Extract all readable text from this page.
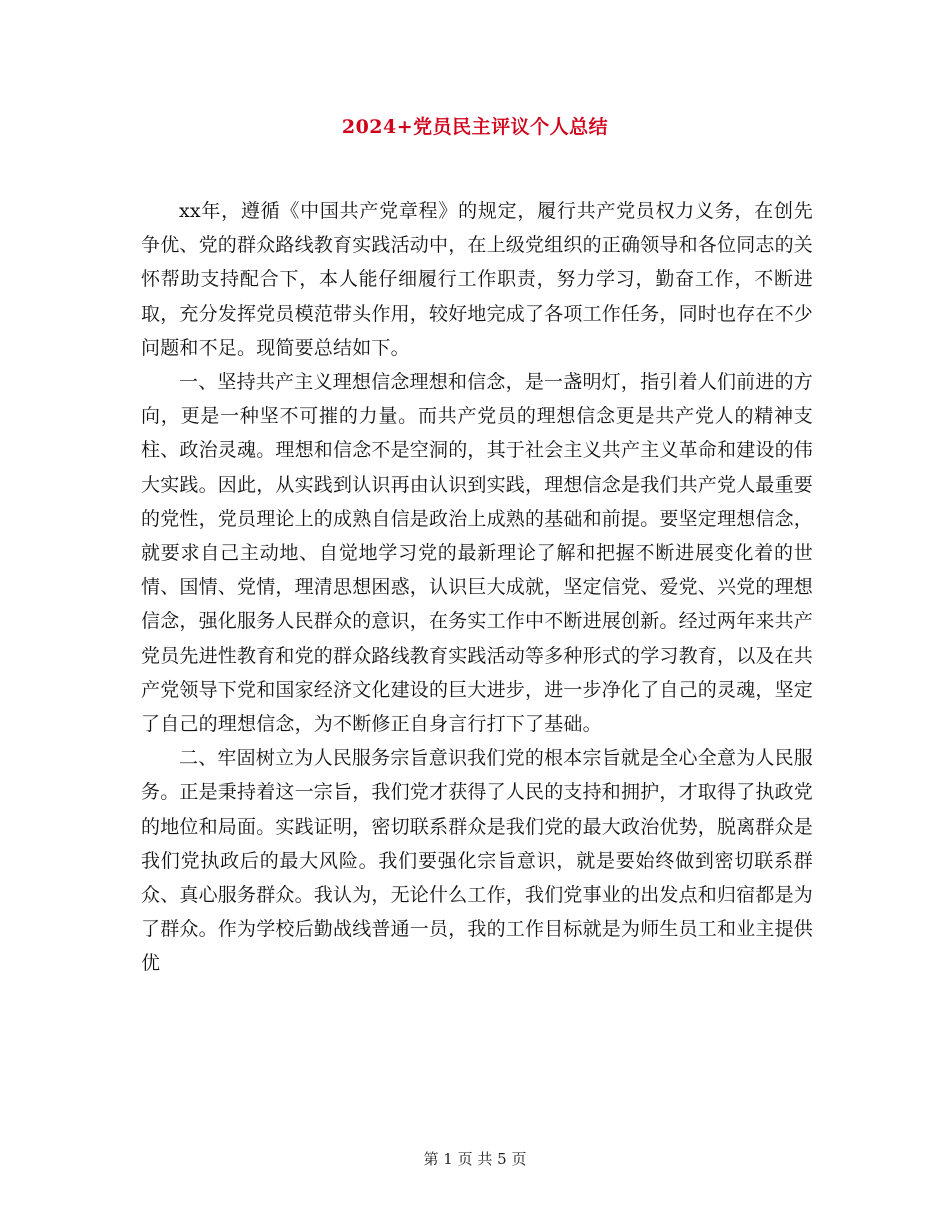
2024+党员民主评议个人总结

xx年，遵循《中国共产党章程》的规定，履行共产党员权力义务，在创先争优、党的群众路线教育实践活动中，在上级党组织的正确领导和各位同志的关怀帮助支持配合下，本人能仔细履行工作职责，努力学习，勤奋工作，不断进取，充分发挥党员模范带头作用，较好地完成了各项工作任务，同时也存在不少问题和不足。现简要总结如下。

一、坚持共产主义理想信念理想和信念，是一盏明灯，指引着人们前进的方向，更是一种坚不可摧的力量。而共产党员的理想信念更是共产党人的精神支柱、政治灵魂。理想和信念不是空洞的，其于社会主义共产主义革命和建设的伟大实践。因此，从实践到认识再由认识到实践，理想信念是我们共产党人最重要的党性，党员理论上的成熟自信是政治上成熟的基础和前提。要坚定理想信念，就要求自己主动地、自觉地学习党的最新理论了解和把握不断进展变化着的世情、国情、党情，理清思想困惑，认识巨大成就，坚定信党、爱党、兴党的理想信念，强化服务人民群众的意识，在务实工作中不断进展创新。经过两年来共产党员先进性教育和党的群众路线教育实践活动等多种形式的学习教育，以及在共产党领导下党和国家经济文化建设的巨大进步，进一步净化了自己的灵魂，坚定了自己的理想信念，为不断修正自身言行打下了基础。

二、牢固树立为人民服务宗旨意识我们党的根本宗旨就是全心全意为人民服务。正是秉持着这一宗旨，我们党才获得了人民的支持和拥护，才取得了执政党的地位和局面。实践证明，密切联系群众是我们党的最大政治优势，脱离群众是我们党执政后的最大风险。我们要强化宗旨意识，就是要始终做到密切联系群众、真心服务群众。我认为，无论什么工作，我们党事业的出发点和归宿都是为了群众。作为学校后勤战线普通一员，我的工作目标就是为师生员工和业主提供优

第 1 页 共 5 页
